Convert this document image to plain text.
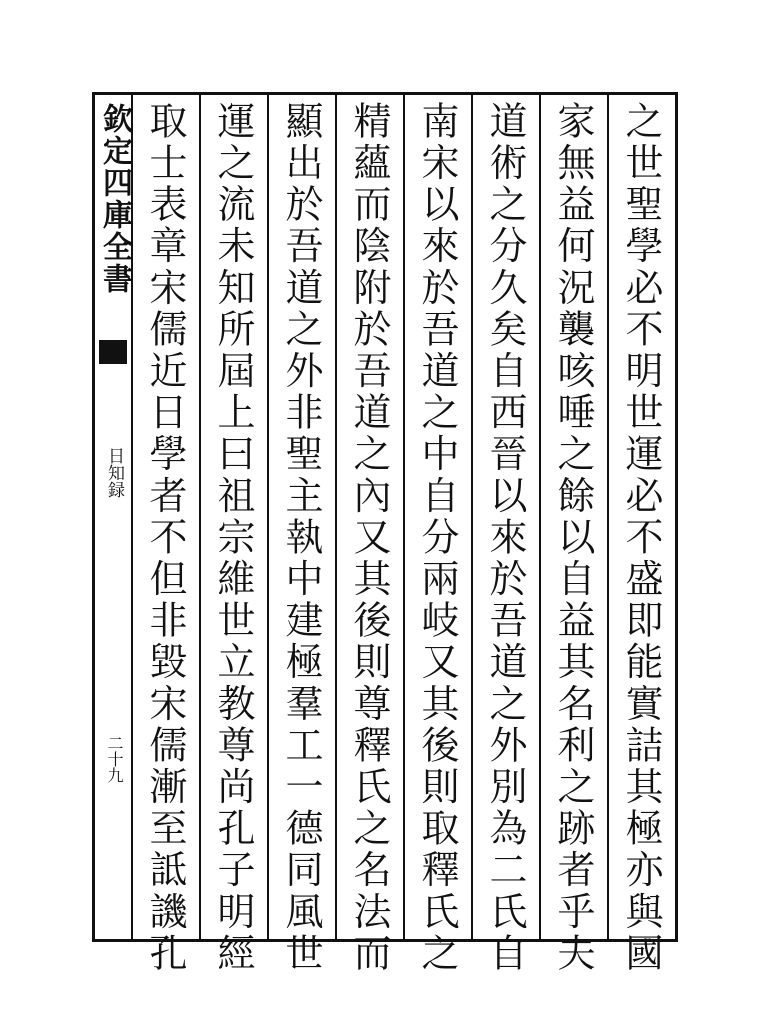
欽定四庫全書
日知録
二十九	之世聖學必不明世運必不盛即能實詰其極亦與國
家無益何況襲咳唾之餘以自益其名利之跡者乎夫
道術之分久矣自西晉以來於吾道之外別為二氏自
南宋以來於吾道之中自分兩岐又其後則取釋氏之
精蘊而陰附於吾道之內又其後則尊釋氏之名法而
顯出於吾道之外非聖主執中建極羣工一德同風世
運之流未知所屆上曰祖宗維世立教尊尚孔子明經
取士表章宋儒近日學者不但非毀宋儒漸至詆譏孔
